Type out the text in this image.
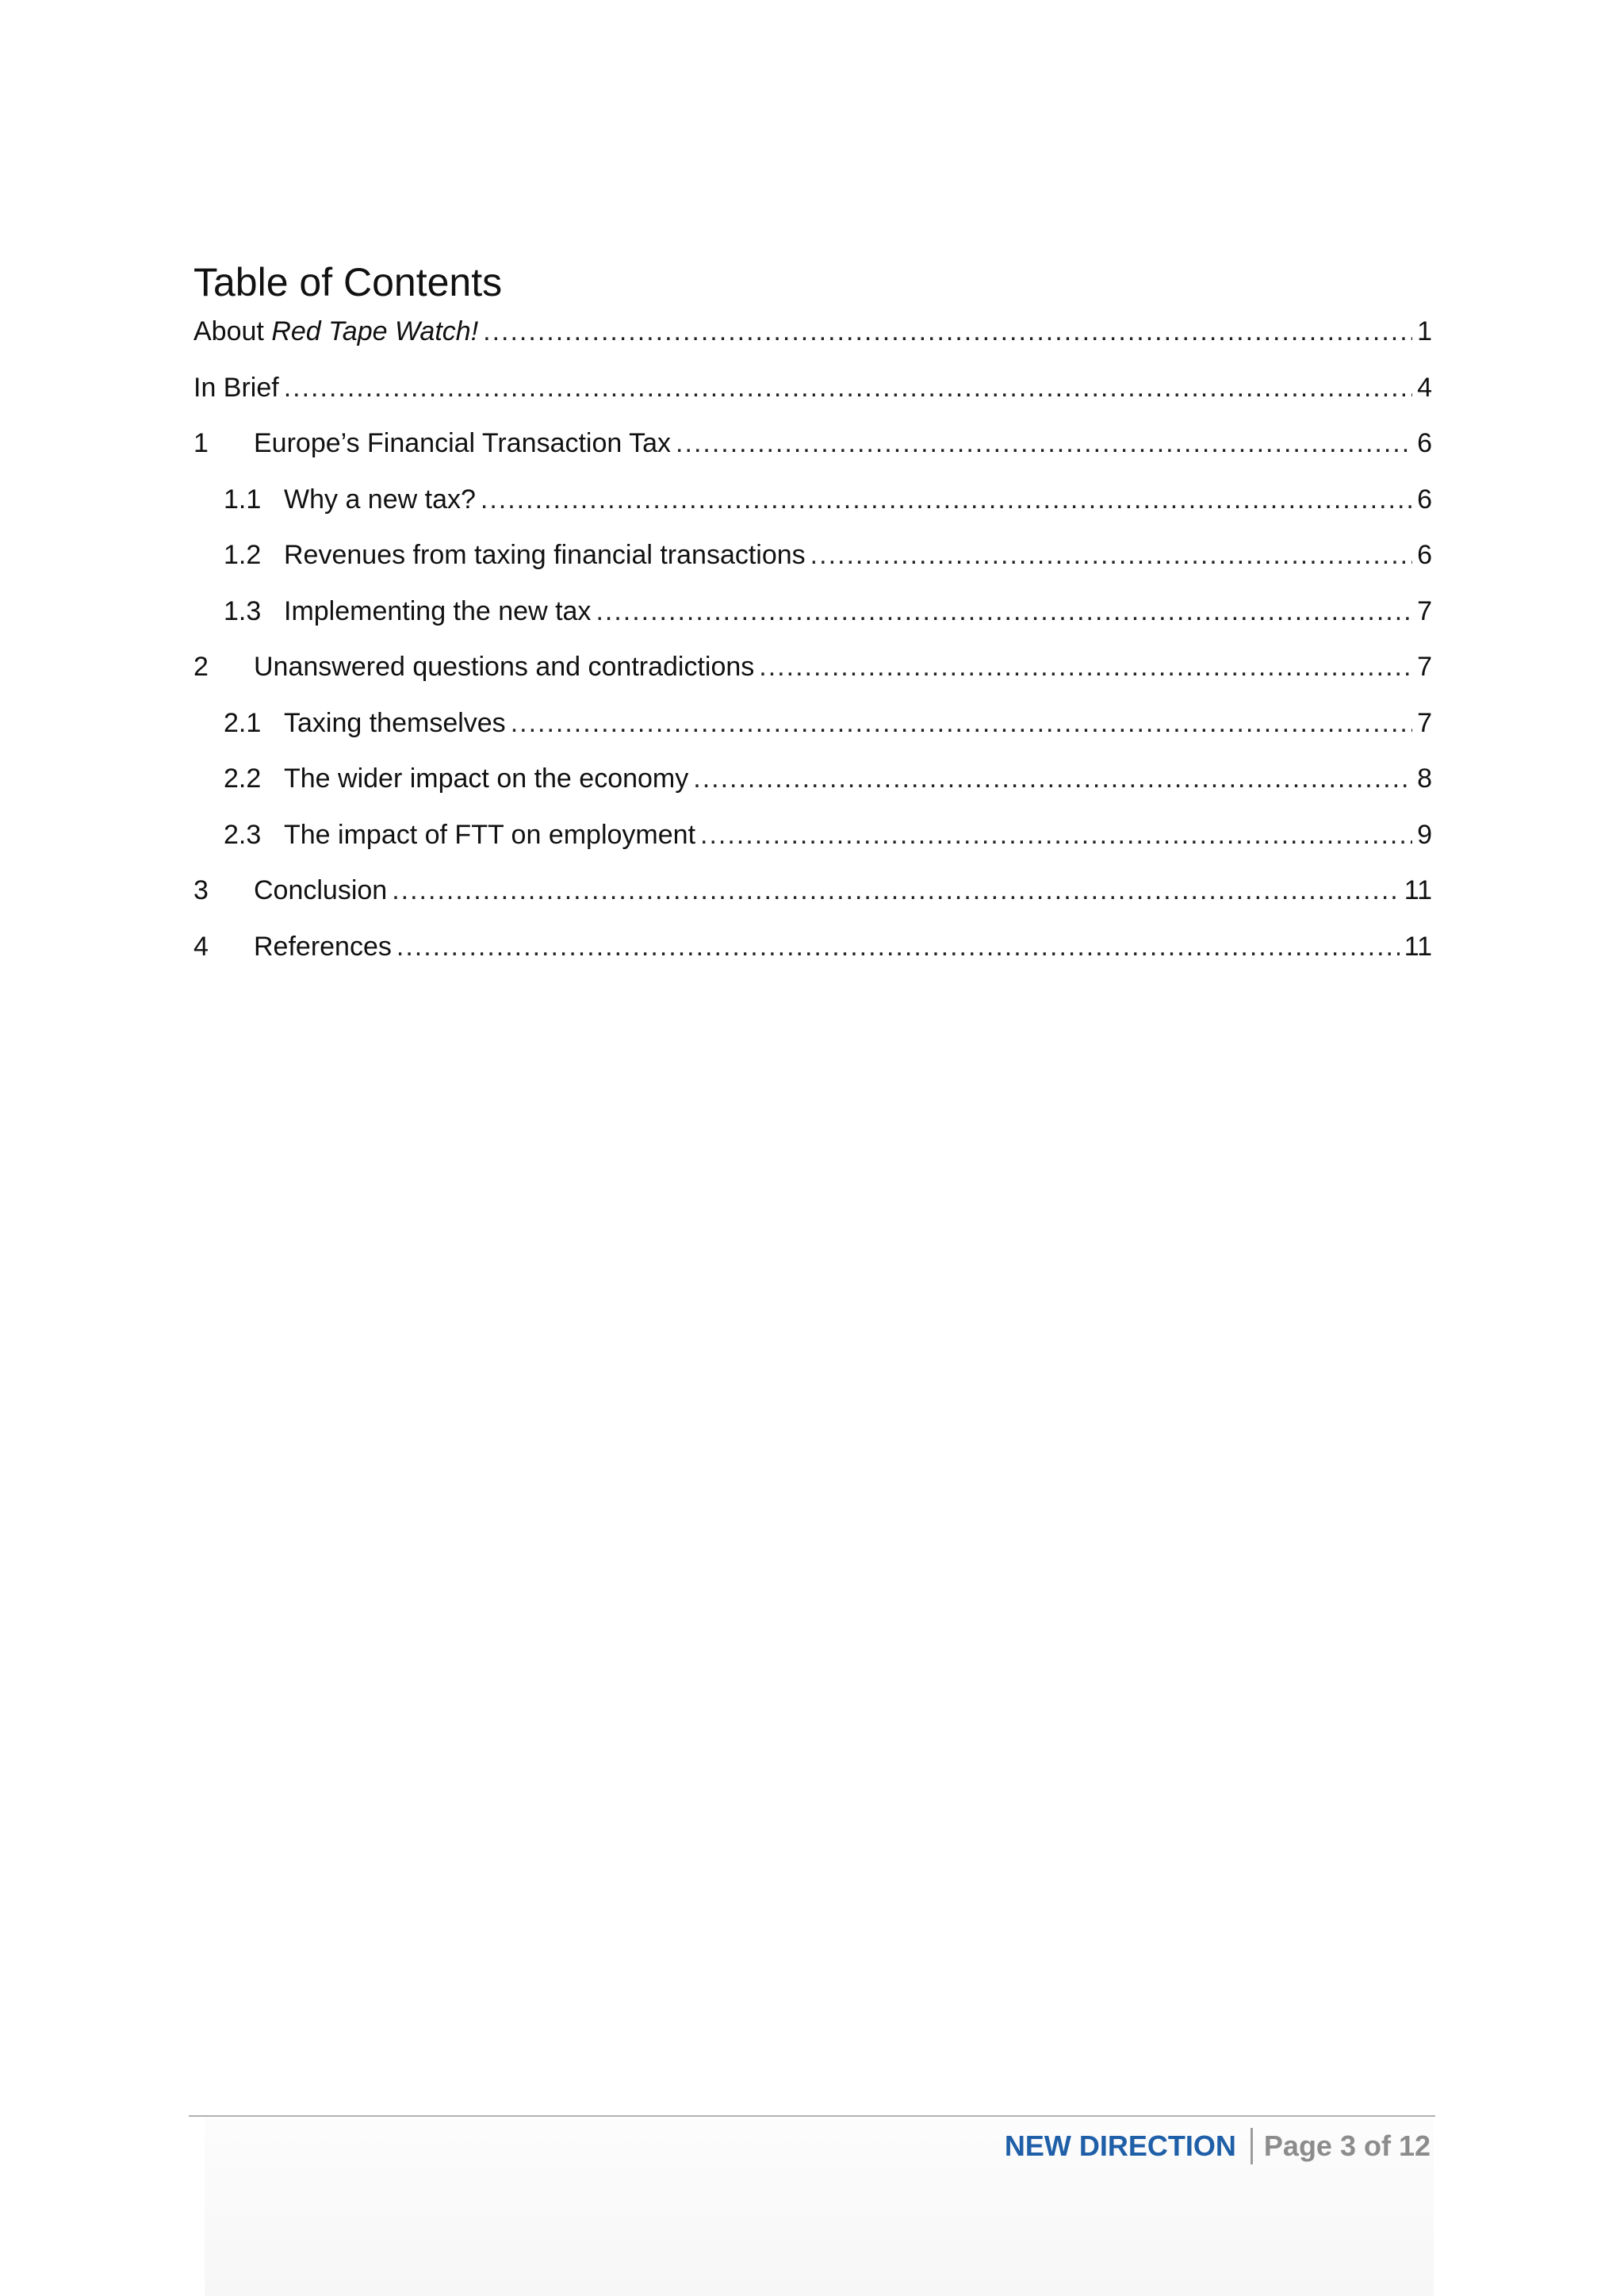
Table of Contents
About Red Tape Watch! .....	1
In Brief .....	4
1	Europe’s Financial Transaction Tax .....	6
1.1 Why a new tax? .....	6
1.2 Revenues from taxing financial transactions .....	6
1.3 Implementing the new tax .....	7
2	Unanswered questions and contradictions .....	7
2.1 Taxing themselves .....	7
2.2 The wider impact on the economy .....	8
2.3 The impact of FTT on employment .....	9
3	Conclusion .....	11
4	References .....	11
NEW DIRECTION Page 3 of 12
